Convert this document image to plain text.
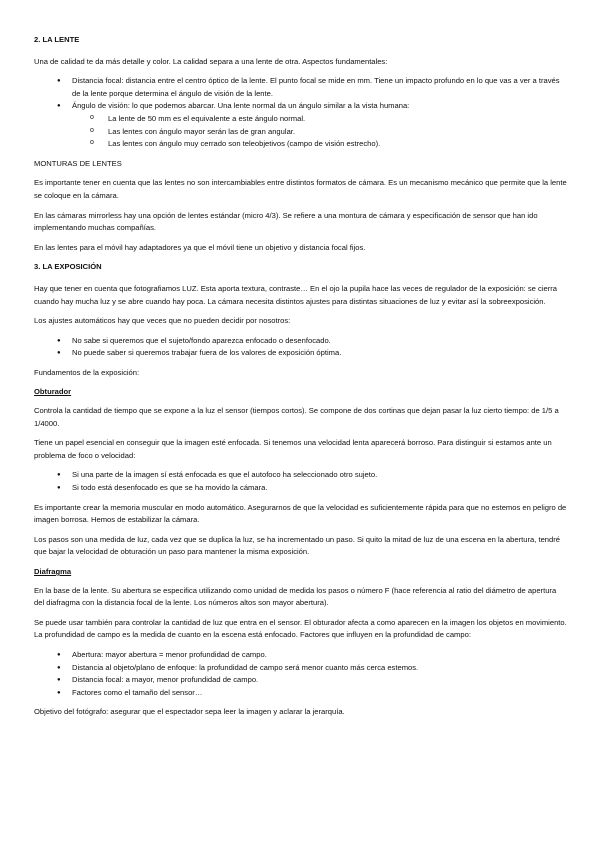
2. LA LENTE

Una de calidad te da más detalle y color. La calidad separa a una lente de otra. Aspectos fundamentales:

● Distancia focal: distancia entre el centro óptico de la lente. El punto focal se mide en mm. Tiene un impacto profundo en lo que vas a ver a través de la lente porque determina el ángulo de visión de la lente.
● Ángulo de visión: lo que podemos abarcar. Una lente normal da un ángulo similar a la vista humana:
o La lente de 50 mm es el equivalente a este ángulo normal.
o Las lentes con ángulo mayor serán las de gran angular.
o Las lentes con ángulo muy cerrado son teleobjetivos (campo de visión estrecho).

MONTURAS DE LENTES

Es importante tener en cuenta que las lentes no son intercambiables entre distintos formatos de cámara. Es un mecanismo mecánico que permite que la lente se coloque en la cámara.

En las cámaras mirrorless hay una opción de lentes estándar (micro 4/3). Se refiere a una montura de cámara y especificación de sensor que han ido implementando muchas compañías.

En las lentes para el móvil hay adaptadores ya que el móvil tiene un objetivo y distancia focal fijos.

3. LA EXPOSICIÓN

Hay que tener en cuenta que fotografiamos LUZ. Esta aporta textura, contraste… En el ojo la pupila hace las veces de regulador de la exposición: se cierra cuando hay mucha luz y se abre cuando hay poca. La cámara necesita distintos ajustes para distintas situaciones de luz y evitar así la sobreexposición.

Los ajustes automáticos hay que veces que no pueden decidir por nosotros:

● No sabe si queremos que el sujeto/fondo aparezca enfocado o desenfocado.
● No puede saber si queremos trabajar fuera de los valores de exposición óptima.

Fundamentos de la exposición:

Obturador

Controla la cantidad de tiempo que se expone a la luz el sensor (tiempos cortos). Se compone de dos cortinas que dejan pasar la luz cierto tiempo: de 1/5 a 1/4000.

Tiene un papel esencial en conseguir que la imagen esté enfocada. Si tenemos una velocidad lenta aparecerá borroso. Para distinguir si estamos ante un problema de foco o velocidad:

● Si una parte de la imagen sí está enfocada es que el autofoco ha seleccionado otro sujeto.
● Si todo está desenfocado es que se ha movido la cámara.

Es importante crear la memoria muscular en modo automático. Asegurarnos de que la velocidad es suficientemente rápida para que no estemos en peligro de imagen borrosa. Hemos de estabilizar la cámara.

Los pasos son una medida de luz, cada vez que se duplica la luz, se ha incrementado un paso. Si quito la mitad de luz de una escena en la abertura, tendré que bajar la velocidad de obturación un paso para mantener la misma exposición.

Diafragma

En la base de la lente. Su abertura se especifica utilizando como unidad de medida los pasos o número F (hace referencia al ratio del diámetro de apertura del diafragma con la distancia focal de la lente. Los números altos son mayor abertura).

Se puede usar también para controlar la cantidad de luz que entra en el sensor. El obturador afecta a como aparecen en la imagen los objetos en movimiento. La profundidad de campo es la medida de cuanto en la escena está enfocado. Factores que influyen en la profundidad de campo:

● Abertura: mayor abertura = menor profundidad de campo.
● Distancia al objeto/plano de enfoque: la profundidad de campo será menor cuanto más cerca estemos.
● Distancia focal: a mayor, menor profundidad de campo.
● Factores como el tamaño del sensor…

Objetivo del fotógrafo: asegurar que el espectador sepa leer la imagen y aclarar la jerarquía.
